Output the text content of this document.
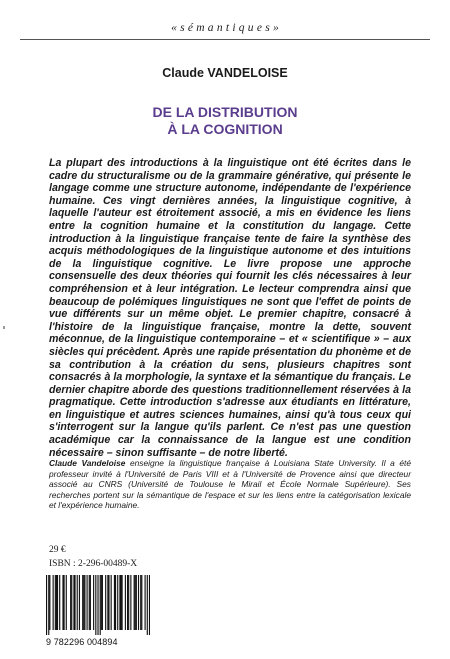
« s é m a n t i q u e s »
Claude VANDELOISE
DE LA DISTRIBUTION
À LA COGNITION

La plupart des introductions à la linguistique ont été écrites dans le cadre du structuralisme ou de la grammaire générative, qui présente le langage comme une structure autonome, indépendante de l'expérience humaine. Ces vingt dernières années, la linguistique cognitive, à laquelle l'auteur est étroitement associé, a mis en évidence les liens entre la cognition humaine et la constitution du langage. Cette introduction à la linguistique française tente de faire la synthèse des acquis méthodologiques de la linguistique autonome et des intuitions de la linguistique cognitive. Le livre propose une approche consensuelle des deux théories qui fournit les clés nécessaires à leur compréhension et à leur intégration. Le lecteur comprendra ainsi que beaucoup de polémiques linguistiques ne sont que l'effet de points de vue différents sur un même objet. Le premier chapitre, consacré à l'histoire de la linguistique française, montre la dette, souvent méconnue, de la linguistique contemporaine – et « scientifique » – aux siècles qui précèdent. Après une rapide présentation du phonème et de sa contribution à la création du sens, plusieurs chapitres sont consacrés à la morphologie, la syntaxe et la sémantique du français. Le dernier chapitre aborde des questions traditionnellement réservées à la pragmatique. Cette introduction s'adresse aux étudiants en littérature, en linguistique et autres sciences humaines, ainsi qu'à tous ceux qui s'interrogent sur la langue qu'ils parlent. Ce n'est pas une question académique car la connaissance de la langue est une condition nécessaire – sinon suffisante – de notre liberté.

Claude Vandeloise enseigne la linguistique française à Louisiana State University. Il a été professeur invité à l'Université de Paris VIII et à l'Université de Provence ainsi que directeur associé au CNRS (Université de Toulouse le Mirail et École Normale Supérieure). Ses recherches portent sur la sémantique de l'espace et sur les liens entre la catégorisation lexicale et l'expérience humaine.

29 €
ISBN : 2-296-00489-X
9 782296 004894
